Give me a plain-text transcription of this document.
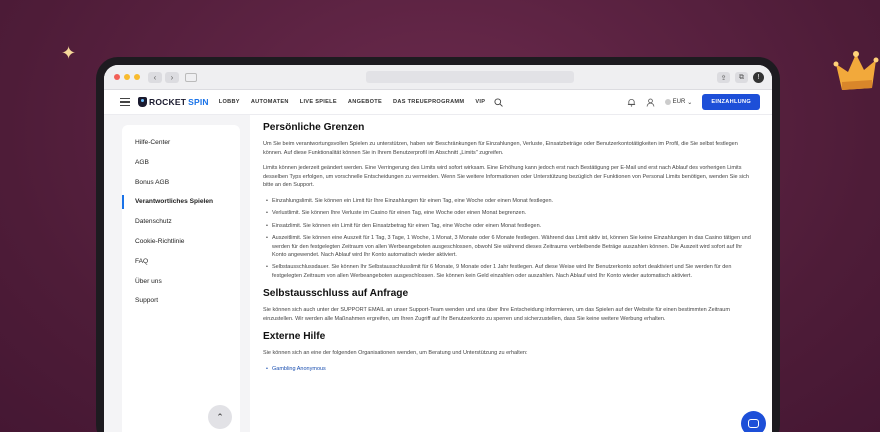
✦
‹	›	⇪	⧉	!
ROCKET SPIN LOBBY AUTOMATEN LIVE SPIELE ANGEBOTE DAS TREUEPROGRAMM VIP	EUR ⌄	EINZAHLUNG
Hilfe-Center
AGB
Bonus AGB
Verantwortliches Spielen
Datenschutz
Cookie-Richtlinie
FAQ
Über uns
Support
⌃
Persönliche Grenzen

Um Sie beim verantwortungsvollen Spielen zu unterstützen, haben wir Beschränkungen für Einzahlungen, Verluste, Einsatzbeträge oder Benutzerkontotätigkeiten im Profil, die Sie selbst festlegen können. Auf diese Funktionalität können Sie in Ihrem Benutzerprofil im Abschnitt „Limits" zugreifen.

Limits können jederzeit geändert werden. Eine Verringerung des Limits wird sofort wirksam. Eine Erhöhung kann jedoch erst nach Bestätigung per E-Mail und erst nach Ablauf des vorherigen Limits desselben Typs erfolgen, um vorschnelle Entscheidungen zu vermeiden. Wenn Sie weitere Informationen oder Unterstützung bezüglich der Funktionen von Personal Limits benötigen, wenden Sie sich bitte an den Support.

• Einzahlungslimit. Sie können ein Limit für Ihre Einzahlungen für einen Tag, eine Woche oder einen Monat festlegen.
• Verlustlimit. Sie können Ihre Verluste im Casino für einen Tag, eine Woche oder einen Monat begrenzen.
• Einsatzlimit. Sie können ein Limit für den Einsatzbetrag für einen Tag, eine Woche oder einen Monat festlegen.
• Auszeitlimit. Sie können eine Auszeit für 1 Tag, 3 Tage, 1 Woche, 1 Monat, 3 Monate oder 6 Monate festlegen. Während das Limit aktiv ist, können Sie keine Einzahlungen in das Casino tätigen und werden für den festgelegten Zeitraum von allen Werbeangeboten ausgeschlossen, obwohl Sie während dieses Zeitraums verbleibende Beträge auszahlen können. Die Auszeit wird sofort auf Ihr Konto angewendet. Nach Ablauf wird Ihr Konto automatisch wieder aktiviert.
• Selbstausschlussdauer. Sie können Ihr Selbstausschlusslimit für 6 Monate, 9 Monate oder 1 Jahr festlegen. Auf diese Weise wird Ihr Benutzerkonto sofort deaktiviert und Sie werden für den festgelegten Zeitraum von allen Werbeangeboten ausgeschlossen. Sie können kein Geld einzahlen oder auszahlen. Nach Ablauf wird Ihr Konto wieder automatisch aktiviert.
Selbstausschluss auf Anfrage

Sie können sich auch unter der SUPPORT EMAIL an unser Support-Team wenden und uns über Ihre Entscheidung informieren, um das Spielen auf der Website für einen bestimmten Zeitraum einzustellen. Wir werden alle Maßnahmen ergreifen, um Ihren Zugriff auf Ihr Benutzerkonto zu sperren und sicherzustellen, dass Sie keine weitere Werbung erhalten.

Externe Hilfe

Sie können sich an eine der folgenden Organisationen wenden, um Beratung und Unterstützung zu erhalten:

• Gambling Anonymous
